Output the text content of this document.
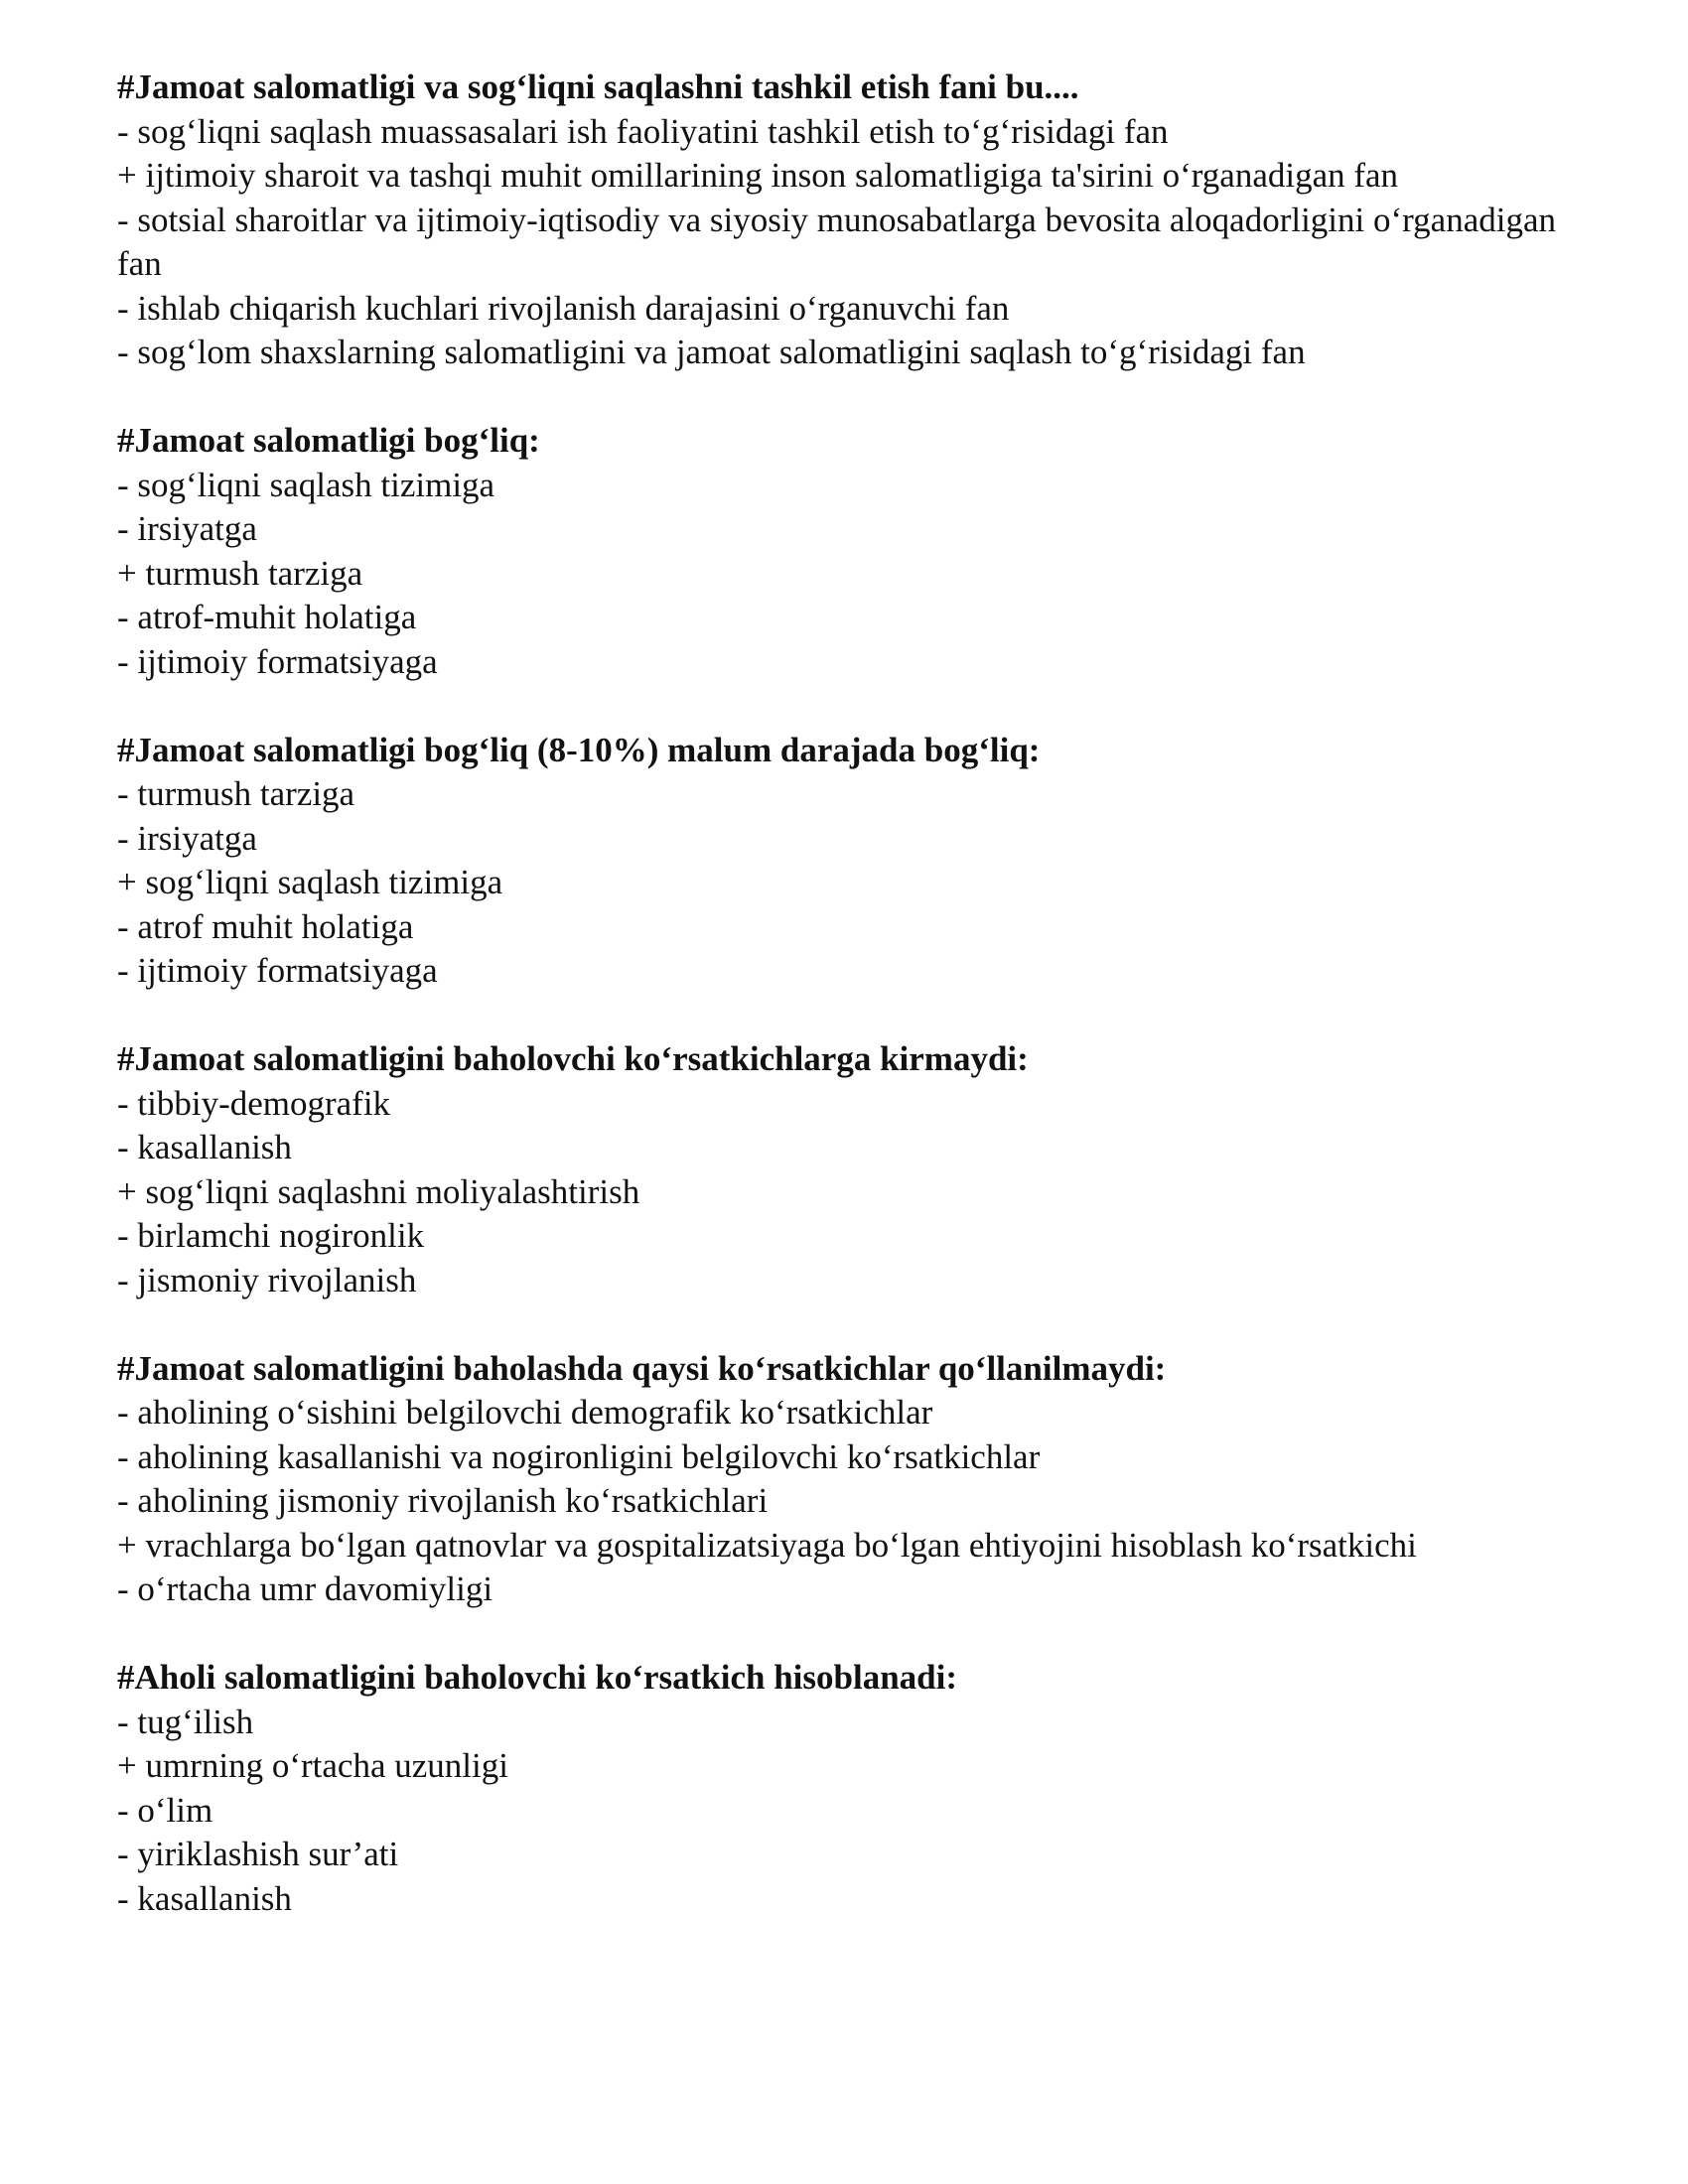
#Jamoat salomatligi va sog‘liqni saqlashni tashkil etish fani bu....

- sog‘liqni saqlash muassasalari ish faoliyatini tashkil etish to‘g‘risidagi fan
+ ijtimoiy sharoit va tashqi muhit omillarining inson salomatligiga ta'sirini o‘rganadigan fan
- sotsial sharoitlar va ijtimoiy-iqtisodiy va siyosiy munosabatlarga bevosita aloqadorligini o‘rganadigan fan
- ishlab chiqarish kuchlari rivojlanish darajasini o‘rganuvchi fan
- sog‘lom shaxslarning salomatligini va jamoat salomatligini saqlash to‘g‘risidagi fan

#Jamoat salomatligi bog‘liq:

- sog‘liqni saqlash tizimiga
- irsiyatga
+ turmush tarziga
- atrof-muhit holatiga
- ijtimoiy formatsiyaga

#Jamoat salomatligi bog‘liq (8-10%) malum darajada bog‘liq:

- turmush tarziga
- irsiyatga
+ sog‘liqni saqlash tizimiga
- atrof muhit holatiga
- ijtimoiy formatsiyaga

#Jamoat salomatligini baholovchi ko‘rsatkichlarga kirmaydi:

- tibbiy-demografik
- kasallanish
+ sog‘liqni saqlashni moliyalashtirish
- birlamchi nogironlik
- jismoniy rivojlanish

#Jamoat salomatligini baholashda qaysi ko‘rsatkichlar qo‘llanilmaydi:

- aholining o‘sishini belgilovchi demografik ko‘rsatkichlar
- aholining kasallanishi va nogironligini belgilovchi ko‘rsatkichlar
- aholining jismoniy rivojlanish ko‘rsatkichlari
+ vrachlarga bo‘lgan qatnovlar va gospitalizatsiyaga bo‘lgan ehtiyojini hisoblash ko‘rsatkichi
- o‘rtacha umr davomiyligi

#Aholi salomatligini baholovchi ko‘rsatkich hisoblanadi:

- tug‘ilish
+ umrning o‘rtacha uzunligi
- o‘lim
- yiriklashish sur’ati
- kasallanish
